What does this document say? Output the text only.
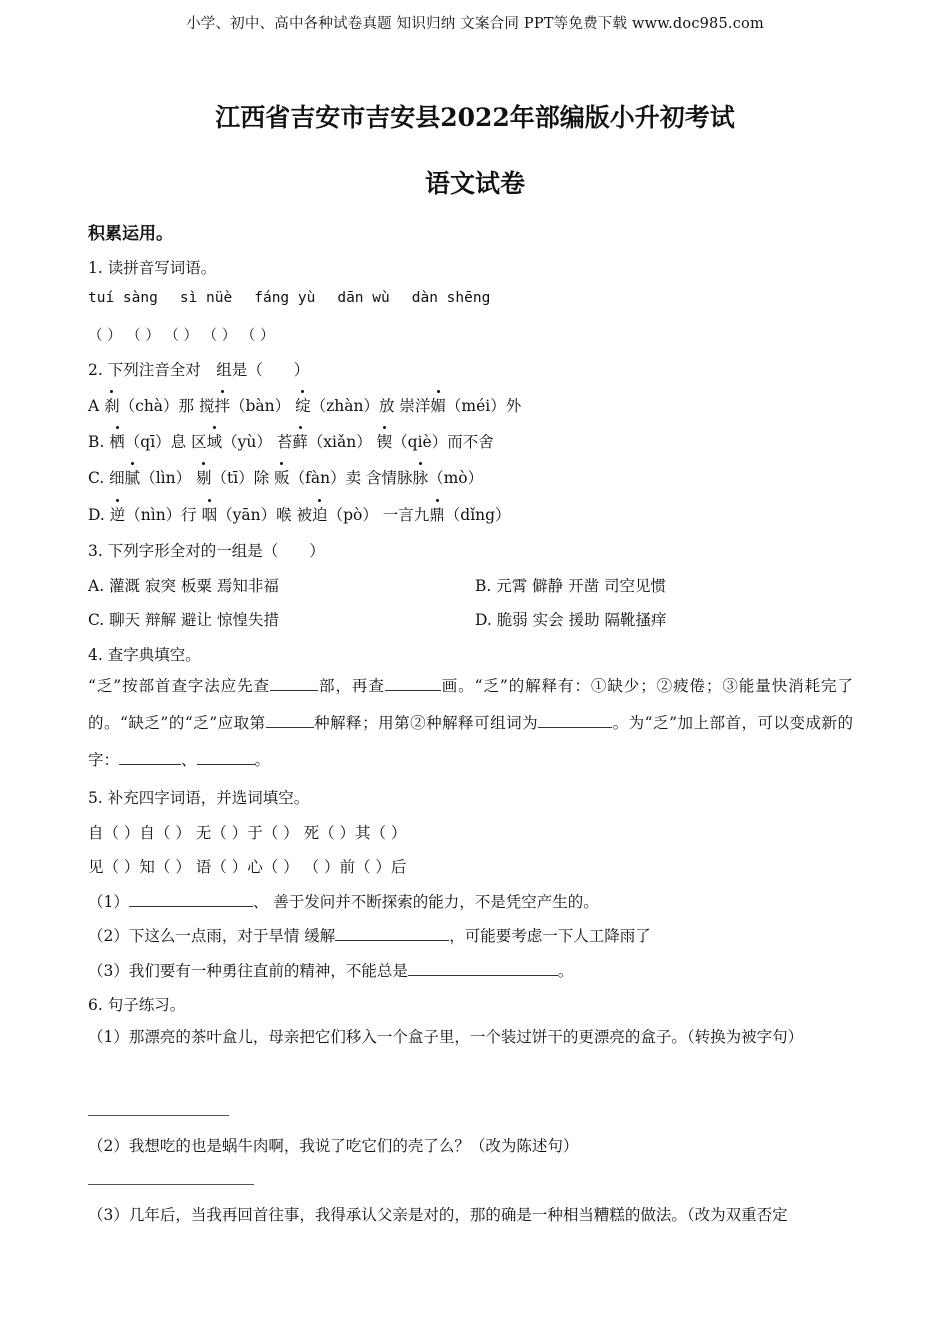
小学、初中、高中各种试卷真题 知识归纳 文案合同 PPT等免费下载 www.doc985.com
江西省吉安市吉安县2022年部编版小升初考试
语文试卷
积累运用。
1. 读拼音写词语。
tuí sàng sì nüè fáng yù dān wù dàn shēng
（ ） （ ） （ ） （ ） （ ）
2. 下列注音全对　组是（　　）
A 刹（chà）那 搅拌（bàn） 绽（zhàn）放 崇洋媚（méi）外
B. 栖（qī）息 区域（yù） 苔藓（xiǎn） 锲（qiè）而不舍
C. 细腻（lìn） 剔（tī）除 贩（fàn）卖 含情脉脉（mò）
D. 逆（nìn）行 咽（yān）喉 被迫（pò） 一言九鼎（dǐng）
3. 下列字形全对的一组是（　　）
A. 灌溉 寂突 板粟 焉知非福	B. 元霄 僻静 开凿 司空见惯
C. 聊天 辩解 避让 惊惶失措	D. 脆弱 实会 援助 隔靴搔痒
4. 查字典填空。
“乏”按部首查字法应先查	部，再查	画。“乏”的解释有：①缺少；②疲倦；③能量快消耗完了的。“缺乏”的“乏”应取第	种解释；用第②种解释可组词为	。为“乏”加上部首，可以变成新的字：	、	。
5. 补充四字词语，并选词填空。
自（ ）自（ ） 无（ ）于（ ） 死（ ）其（ ）
见（ ）知（ ） 语（ ）心（ ） （ ）前（ ）后
（1）	、 善于发问并不断探索的能力，不是凭空产生的。
（2）下这么一点雨，对于旱情 缓解	，可能要考虑一下人工降雨了
（3）我们要有一种勇往直前的精神，不能总是	。
6. 句子练习。
（1）那漂亮的茶叶盒儿，母亲把它们移入一个盒子里，一个装过饼干的更漂亮的盒子。（转换为被字句）
（2）我想吃的也是蜗牛肉啊，我说了吃它们的壳了么？（改为陈述句）
（3）几年后，当我再回首往事，我得承认父亲是对的，那的确是一种相当糟糕的做法。（改为双重否定
